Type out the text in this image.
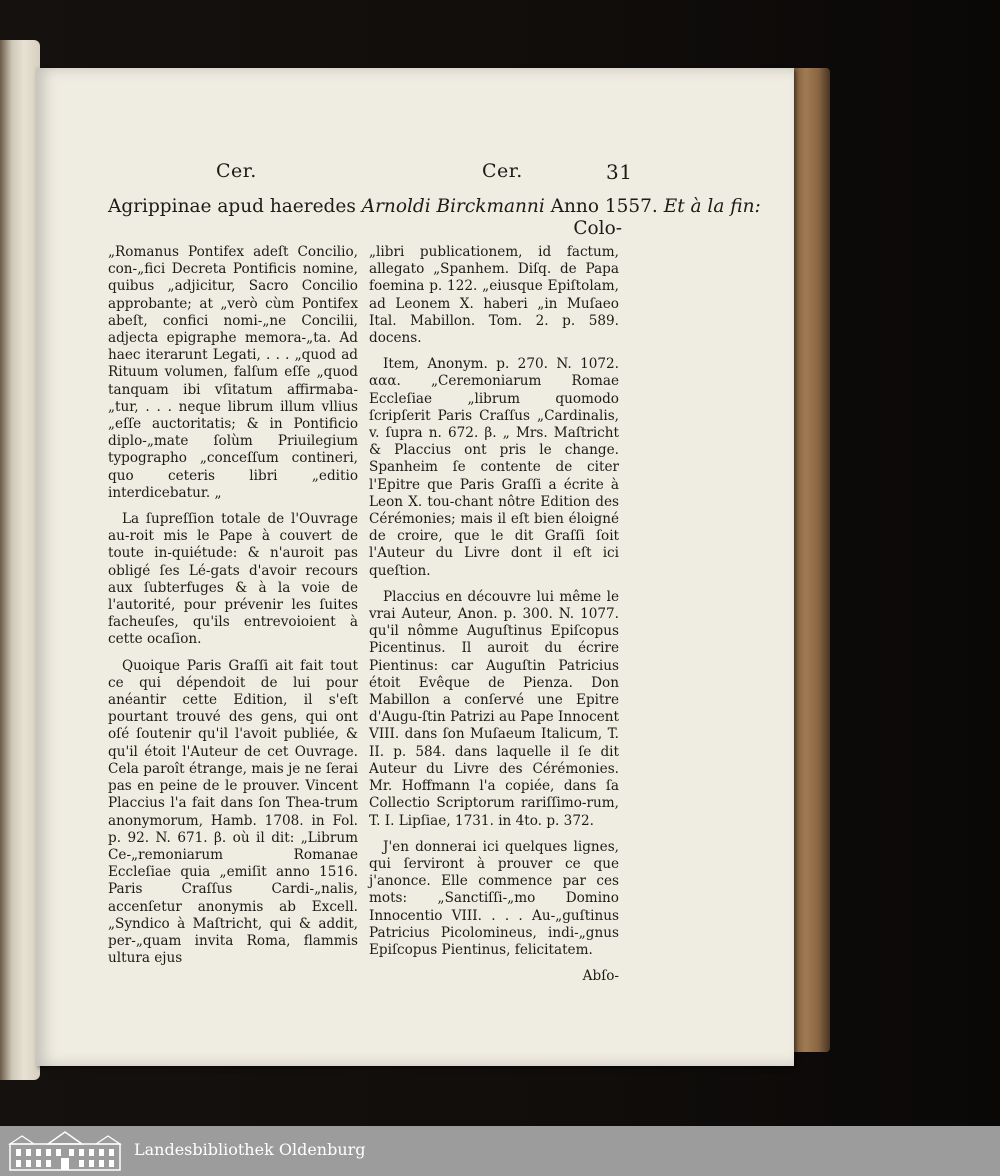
Cer.	Cer.	31
Agrippinae apud haeredes Arnoldi Birckmanni Anno 1557. Et à la fin:
Colo-

„Romanus Pontifex adeſt Concilio, con-„fici Decreta Pontificis nomine, quibus „adjicitur, Sacro Concilio approbante; at „verò cùm Pontifex abeſt, confici nomi-„ne Concilii, adjecta epigraphe memora-„ta. Ad haec iterarunt Legati, . . . „quod ad Rituum volumen, falſum eſſe „quod tanquam ibi vſitatum affirmaba-„tur, . . . neque librum illum vllius „eſſe auctoritatis; & in Pontificio diplo-„mate ſolùm Priuilegium typographo „conceſſum contineri, quo ceteris libri „editio interdicebatur. „

La ſupreſſion totale de l'Ouvrage au-roit mis le Pape à couvert de toute in-quiétude: & n'auroit pas obligé ſes Lé-gats d'avoir recours aux ſubterfuges & à la voie de l'autorité, pour prévenir les ſuites facheuſes, qu'ils entrevoioient à cette ocaſion.

Quoique Paris Graſſi ait fait tout ce qui dépendoit de lui pour anéantir cette Edition, il s'eſt pourtant trouvé des gens, qui ont oſé ſoutenir qu'il l'avoit publiée, & qu'il étoit l'Auteur de cet Ouvrage. Cela paroît étrange, mais je ne ſerai pas en peine de le prouver. Vincent Placcius l'a fait dans ſon Thea-trum anonymorum, Hamb. 1708. in Fol. p. 92. N. 671. β. où il dit: „Librum Ce-„remoniarum Romanae Eccleſiae quia „emiſit anno 1516. Paris Craſſus Cardi-„nalis, accenſetur anonymis ab Excell. „Syndico à Maſtricht, qui & addit, per-„quam invita Roma, flammis ultura ejus

„libri publicationem, id factum, allegato „Spanhem. Diſq. de Papa foemina p. 122. „eiusque Epiſtolam, ad Leonem X. haberi „in Muſaeo Ital. Mabillon. Tom. 2. p. 589. docens.

Item, Anonym. p. 270. N. 1072. ααα. „Ceremoniarum Romae Eccleſiae „librum quomodo ſcripſerit Paris Craſſus „Cardinalis, v. ſupra n. 672. β. „ Mrs. Maſtricht & Placcius ont pris le change. Spanheim ſe contente de citer l'Epitre que Paris Graſſi a écrite à Leon X. tou-chant nôtre Edition des Cérémonies; mais il eſt bien éloigné de croire, que le dit Graſſi ſoit l'Auteur du Livre dont il eſt ici queſtion.

Placcius en découvre lui même le vrai Auteur, Anon. p. 300. N. 1077. qu'il nômme Auguſtinus Epiſcopus Picentinus. Il auroit du écrire Pientinus: car Auguſtin Patricius étoit Evêque de Pienza. Don Mabillon a conſervé une Epitre d'Augu-ſtin Patrizi au Pape Innocent VIII. dans ſon Muſaeum Italicum, T. II. p. 584. dans laquelle il ſe dit Auteur du Livre des Cérémonies. Mr. Hoffmann l'a copiée, dans ſa Collectio Scriptorum rariſſimo-rum, T. I. Lipſiae, 1731. in 4to. p. 372.

J'en donnerai ici quelques lignes, qui ſerviront à prouver ce que j'anonce. Elle commence par ces mots: „Sanctiſſi-„mo Domino Innocentio VIII. . . . Au-„guſtinus Patricius Picolomineus, indi-„gnus Epiſcopus Pientinus, felicitatem.

Abſo-
Landesbibliothek Oldenburg
